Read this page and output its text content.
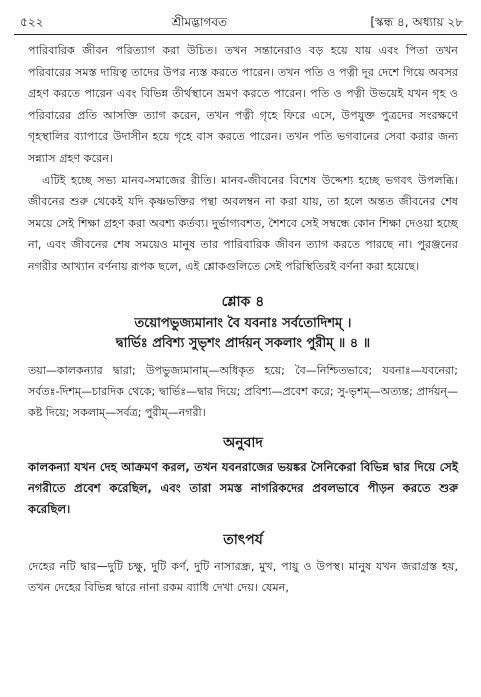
৫২২	শ্রীমদ্ভাগবত	[স্কন্ধ ৪, অধ্যায় ২৮

পারিবারিক জীবন পরিত্যাগ করা উচিত। তখন সন্তানেরাও বড় হয়ে যায় এবং পিতা তখন পরিবারের সমস্ত দায়িত্ব তাদের উপর ন্যস্ত করতে পারেন। তখন পতি ও পত্নী দূর দেশে গিয়ে অবসর গ্রহণ করতে পারেন এবং বিভিন্ন তীর্থস্থানে ভ্রমণ করতে পারেন। পতি ও পত্নী উভয়েই যখন গৃহ ও পরিবারের প্রতি আসক্তি ত্যাগ করেন, তখন পত্নী গৃহে ফিরে এসে, উপযুক্ত পুত্রদের সংরক্ষণে গৃহস্থালির ব্যাপারে উদাসীন হয়ে গৃহে বাস করতে পারেন। তখন পতি ভগবানের সেবা করার জন্য সন্ন্যাস গ্রহণ করেন।

এটিই হচ্ছে সভ্য মানব-সমাজের রীতি। মানব-জীবনের বিশেষ উদ্দেশ্য হচ্ছে ভগবৎ উপলব্ধি। জীবনের শুরু থেকেই যদি কৃষ্ণভক্তির পন্থা অবলম্বন না করা যায়, তা হলে অন্তত জীবনের শেষ সময়ে সেই শিক্ষা গ্রহণ করা অবশ্য কর্তব্য। দুর্ভাগ্যবশত, শৈশবে সেই সম্বন্ধে কোন শিক্ষা দেওয়া হচ্ছে না, এবং জীবনের শেষ সময়েও মানুষ তার পারিবারিক জীবন ত্যাগ করতে পারছে না। পুরঞ্জনের নগরীর আখ্যান বর্ণনায় রূপক ছলে, এই শ্লোকগুলিতে সেই পরিস্থিতিরই বর্ণনা করা হয়েছে।

শ্লোক ৪
তয়োপভুজ্যমানাং বৈ যবনাঃ সর্বতোদিশম্ ।
দ্বার্ভিঃ প্রবিশ্য সুভৃশং প্রার্দয়ন্ সকলাং পুরীম্ ॥ ৪ ॥
তয়া—কালকন্যার দ্বারা; উপভুজ্যমানাম্—অধিকৃত হয়ে; বৈ—নিশ্চিতভাবে; যবনাঃ—যবনেরা; সর্বতঃ-দিশম্—চারদিক থেকে; দ্বার্ভিঃ—দ্বার দিয়ে; প্রবিশ্য—প্রবেশ করে; সু-ভৃশম্—অত্যন্ত; প্রার্দয়ন্—কষ্ট দিয়ে; সকলাম্—সর্বত্র; পুরীম্—নগরী।
অনুবাদ
কালকন্যা যখন দেহ আক্রমণ করল, তখন যবনরাজের ভয়ঙ্কর সৈনিকেরা বিভিন্ন দ্বার দিয়ে সেই নগরীতে প্রবেশ করেছিল, এবং তারা সমস্ত নাগরিকদের প্রবলভাবে পীড়ন করতে শুরু করেছিল।
তাৎপর্য
দেহের নটি দ্বার—দুটি চক্ষু, দুটি কর্ণ, দুটি নাসারন্ধ্র, মুখ, পায়ু ও উপস্থ। মানুষ যখন জরাগ্রস্ত হয়, তখন দেহের বিভিন্ন দ্বারে নানা রকম ব্যাধি দেখা দেয়। যেমন,
